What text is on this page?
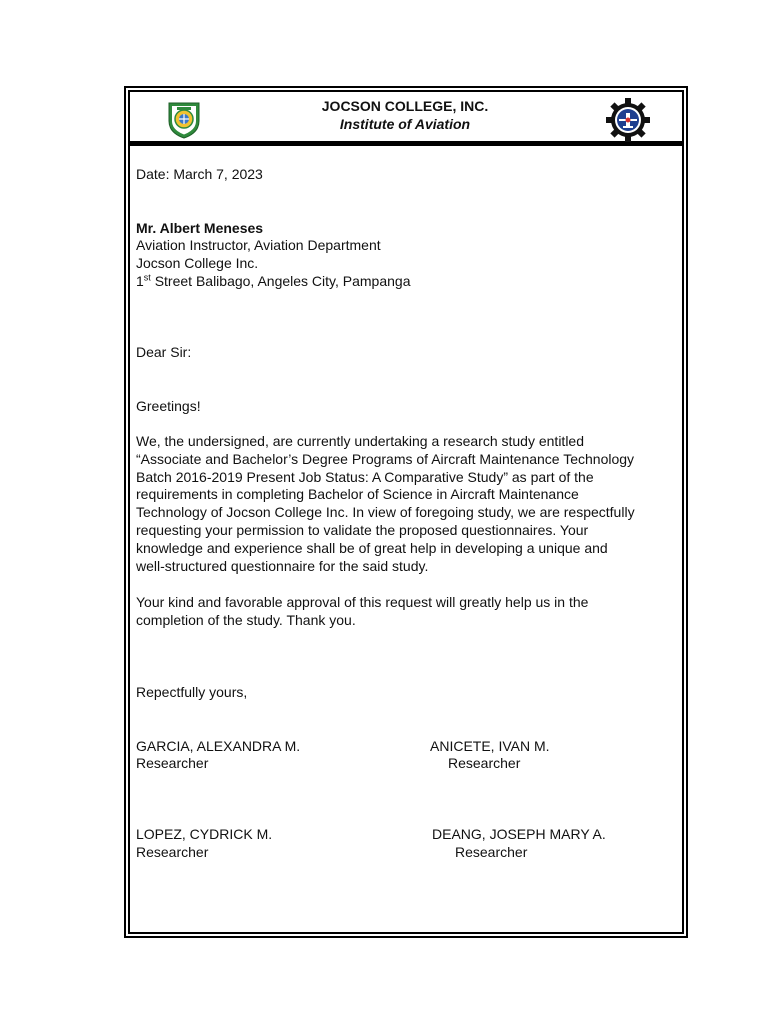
JOCSON COLLEGE, INC.
Institute of Aviation
Date: March 7, 2023
Mr. Albert Meneses
Aviation Instructor, Aviation Department
Jocson College Inc.
1st Street Balibago, Angeles City, Pampanga
Dear Sir:
Greetings!
We, the undersigned, are currently undertaking a research study entitled
“Associate and Bachelor’s Degree Programs of Aircraft Maintenance Technology
Batch 2016-2019 Present Job Status: A Comparative Study” as part of the
requirements in completing Bachelor of Science in Aircraft Maintenance
Technology of Jocson College Inc. In view of foregoing study, we are respectfully
requesting your permission to validate the proposed questionnaires. Your
knowledge and experience shall be of great help in developing a unique and
well-structured questionnaire for the said study.
Your kind and favorable approval of this request will greatly help us in the
completion of the study. Thank you.
Repectfully yours,
GARCIA, ALEXANDRA M.
Researcher
ANICETE, IVAN M.
Researcher
LOPEZ, CYDRICK M.
Researcher
DEANG, JOSEPH MARY A.
Researcher
